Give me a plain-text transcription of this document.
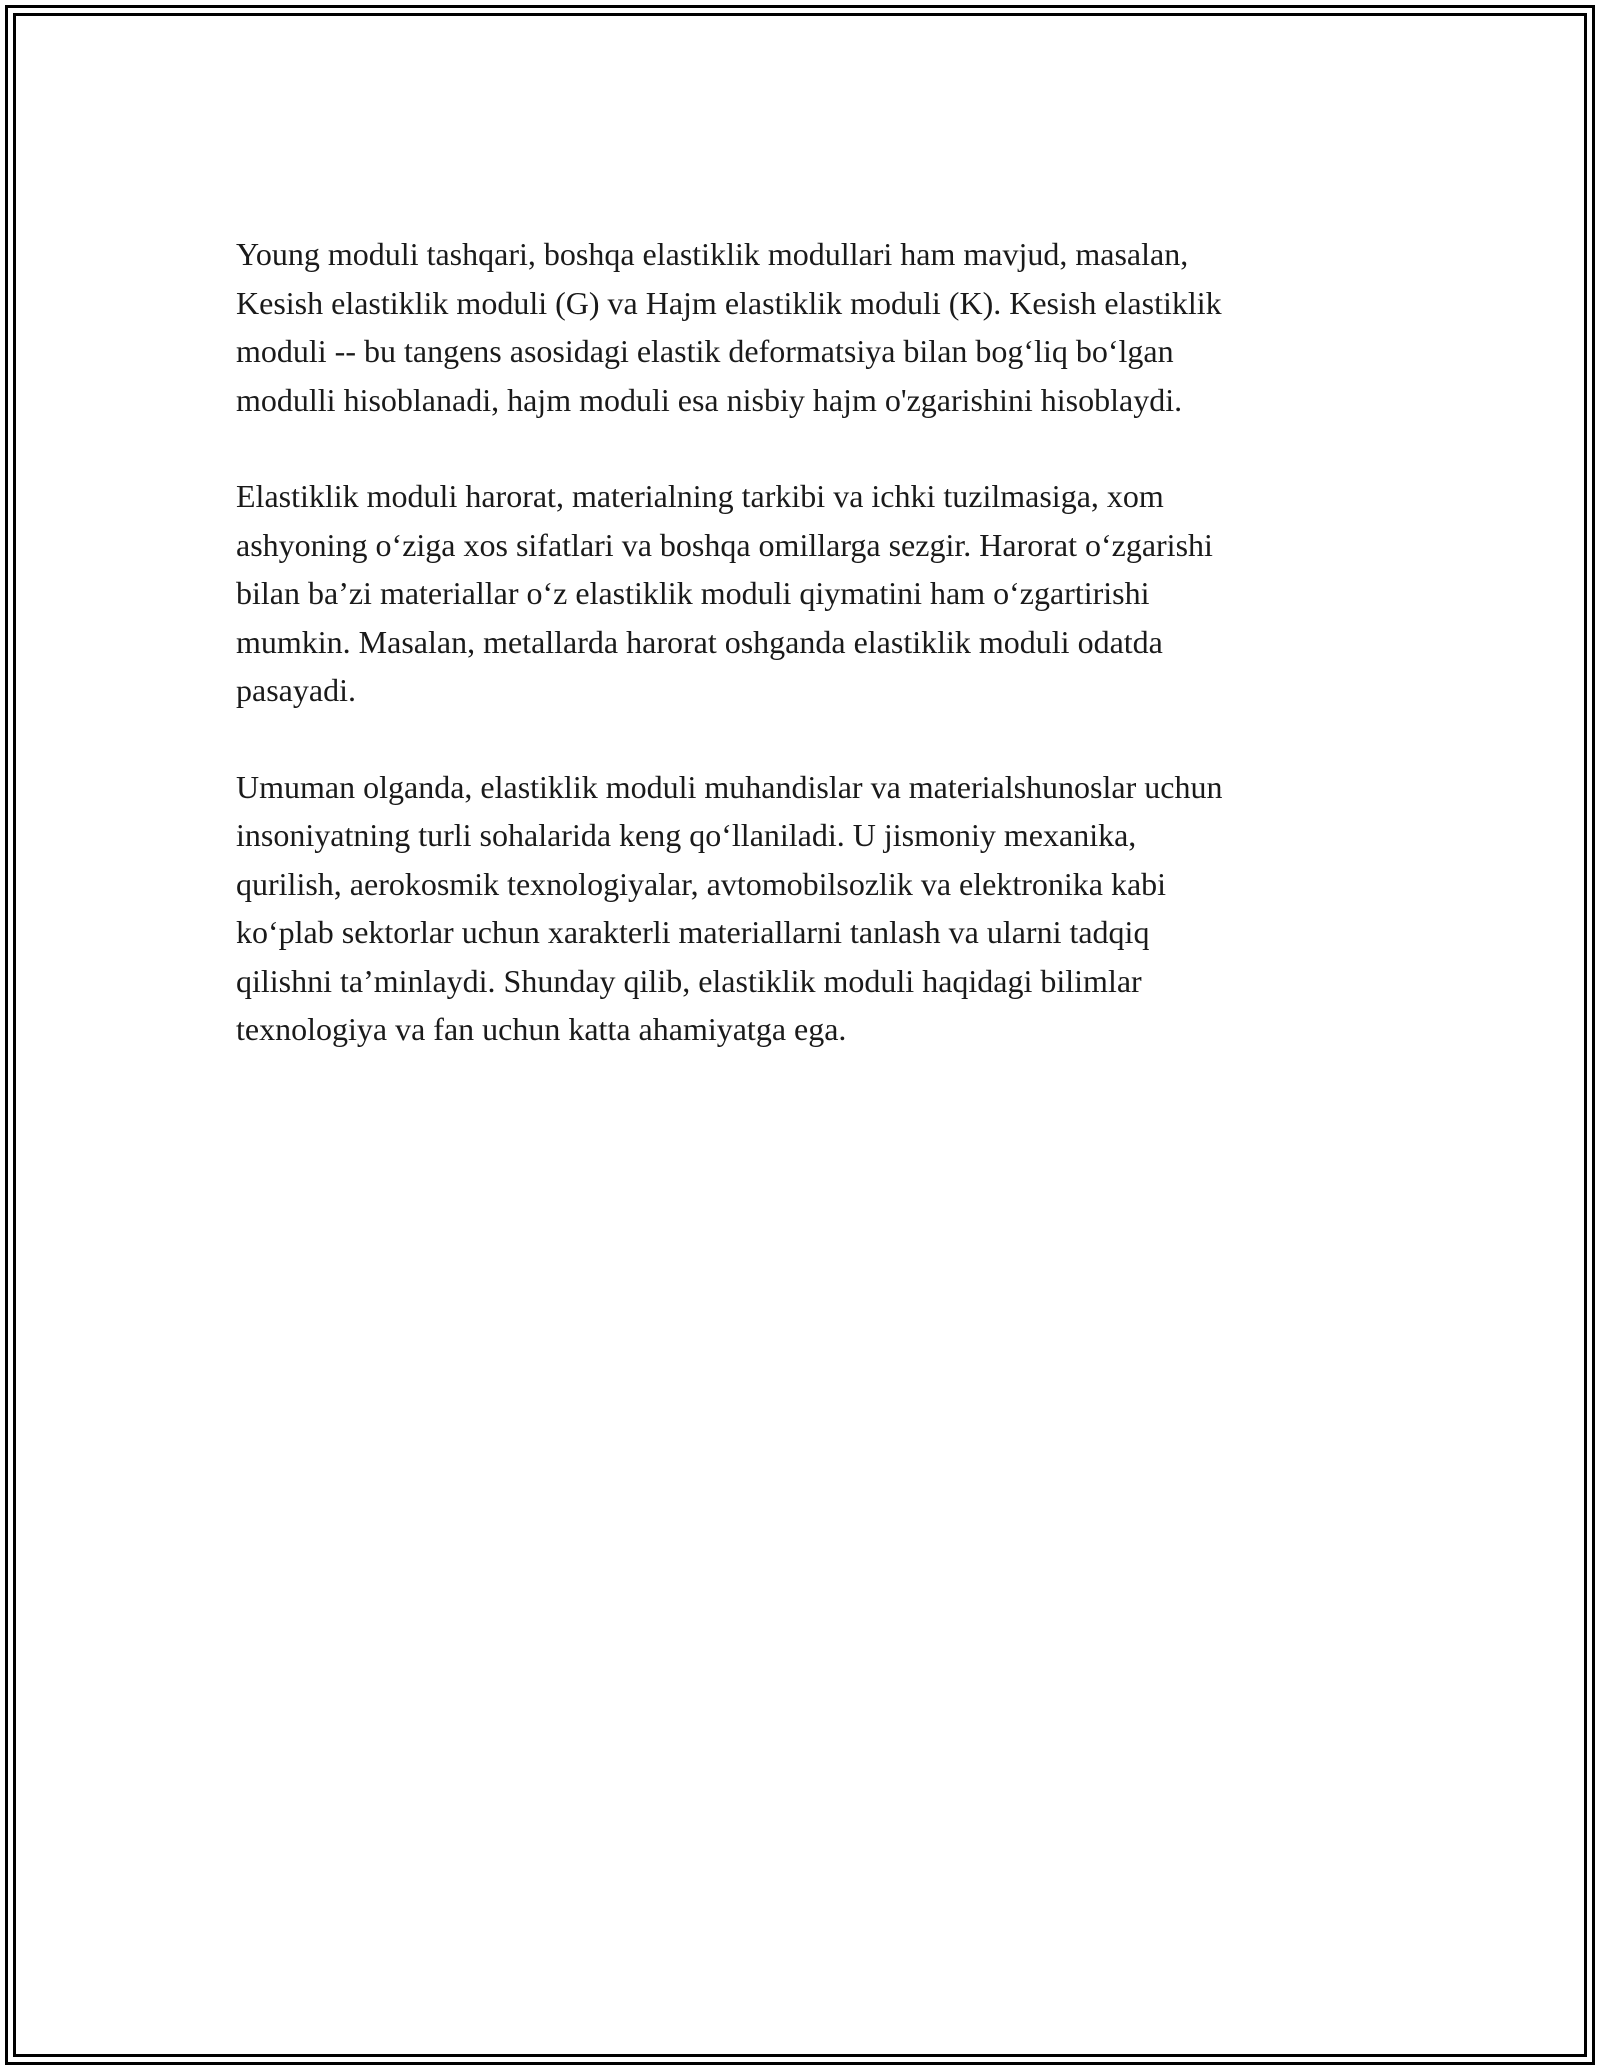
Young moduli tashqari, boshqa elastiklik modullari ham mavjud, masalan,
Kesish elastiklik moduli (G) va Hajm elastiklik moduli (K). Kesish elastiklik
moduli -- bu tangens asosidagi elastik deformatsiya bilan bog‘liq bo‘lgan
modulli hisoblanadi, hajm moduli esa nisbiy hajm o'zgarishini hisoblaydi.

Elastiklik moduli harorat, materialning tarkibi va ichki tuzilmasiga, xom
ashyoning o‘ziga xos sifatlari va boshqa omillarga sezgir. Harorat o‘zgarishi
bilan ba’zi materiallar o‘z elastiklik moduli qiymatini ham o‘zgartirishi
mumkin. Masalan, metallarda harorat oshganda elastiklik moduli odatda
pasayadi.

Umuman olganda, elastiklik moduli muhandislar va materialshunoslar uchun
insoniyatning turli sohalarida keng qo‘llaniladi. U jismoniy mexanika,
qurilish, aerokosmik texnologiyalar, avtomobilsozlik va elektronika kabi
ko‘plab sektorlar uchun xarakterli materiallarni tanlash va ularni tadqiq
qilishni ta’minlaydi. Shunday qilib, elastiklik moduli haqidagi bilimlar
texnologiya va fan uchun katta ahamiyatga ega.
